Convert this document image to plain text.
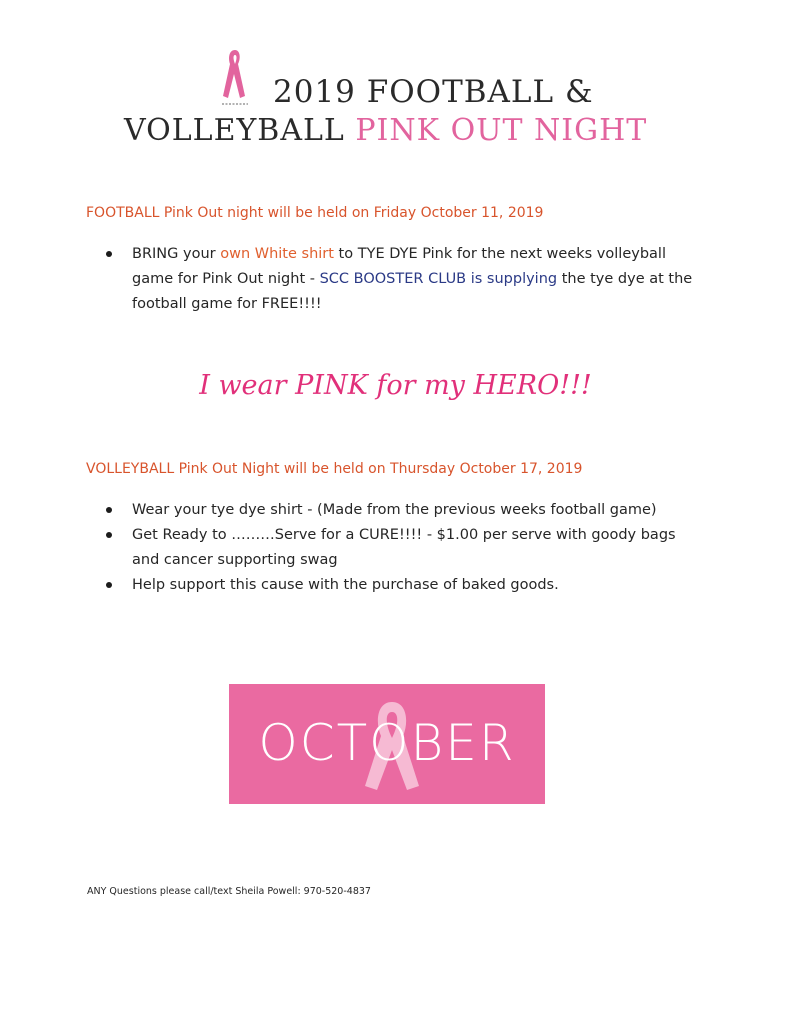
2019 FOOTBALL &
VOLLEYBALL PINK OUT NIGHT
FOOTBALL Pink Out night will be held on Friday October 11, 2019
BRING your own White shirt to TYE DYE Pink for the next weeks volleyball game for Pink Out night - SCC BOOSTER CLUB is supplying the tye dye at the football game for FREE!!!!
I wear PINK for my HERO!!!
VOLLEYBALL Pink Out Night will be held on Thursday October 17, 2019
Wear your tye dye shirt - (Made from the previous weeks football game)
Get Ready to ………Serve for a CURE!!!! - $1.00 per serve with goody bags and cancer supporting swag
Help support this cause with the purchase of baked goods.
OCTOBER
ANY Questions please call/text Sheila Powell: 970-520-4837
